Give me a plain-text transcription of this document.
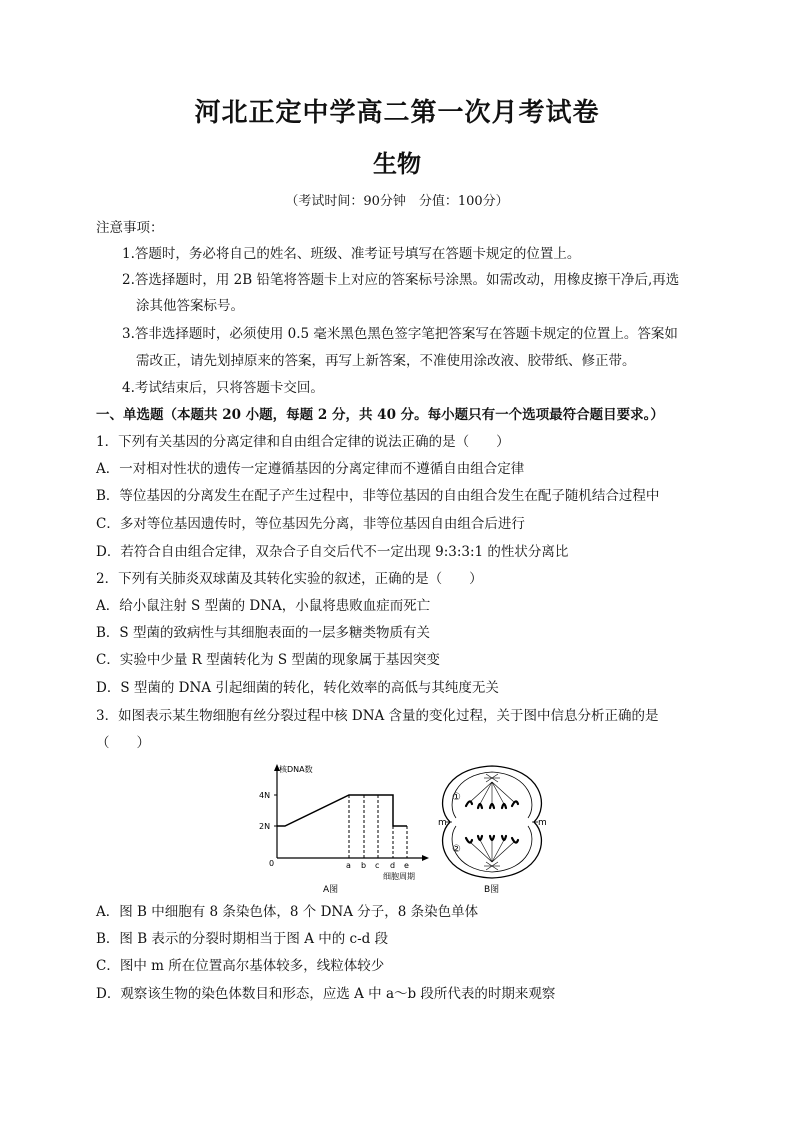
河北正定中学高二第一次月考试卷
生物
（考试时间：90分钟　分值：100分）
注意事项：
1.答题时，务必将自己的姓名、班级、准考证号填写在答题卡规定的位置上。
2.答选择题时，用 2B 铅笔将答题卡上对应的答案标号涂黑。如需改动，用橡皮擦干净后,再选
涂其他答案标号。
3.答非选择题时，必须使用 0.5 毫米黑色黑色签字笔把答案写在答题卡规定的位置上。答案如
需改正，请先划掉原来的答案，再写上新答案，不准使用涂改液、胶带纸、修正带。
4.考试结束后，只将答题卡交回。
一、单选题（本题共 20 小题，每题 2 分，共 40 分。每小题只有一个选项最符合题目要求。）
1．下列有关基因的分离定律和自由组合定律的说法正确的是（　　）
A．一对相对性状的遗传一定遵循基因的分离定律而不遵循自由组合定律
B．等位基因的分离发生在配子产生过程中，非等位基因的自由组合发生在配子随机结合过程中
C．多对等位基因遗传时，等位基因先分离，非等位基因自由组合后进行
D．若符合自由组合定律，双杂合子自交后代不一定出现 9:3:3:1 的性状分离比
2．下列有关肺炎双球菌及其转化实验的叙述，正确的是（　　）
A．给小鼠注射 S 型菌的 DNA，小鼠将患败血症而死亡
B．S 型菌的致病性与其细胞表面的一层多糖类物质有关
C．实验中少量 R 型菌转化为 S 型菌的现象属于基因突变
D．S 型菌的 DNA 引起细菌的转化，转化效率的高低与其纯度无关
3．如图表示某生物细胞有丝分裂过程中核 DNA 含量的变化过程，关于图中信息分析正确的是
（　　）
核DNA数
4N
2N
0	a b c d e
细胞周期
A图
①
②
m	m
B图
A．图 B 中细胞有 8 条染色体，8 个 DNA 分子，8 条染色单体
B．图 B 表示的分裂时期相当于图 A 中的 c-d 段
C．图中 m 所在位置高尔基体较多，线粒体较少
D．观察该生物的染色体数目和形态，应选 A 中 a～b 段所代表的时期来观察
